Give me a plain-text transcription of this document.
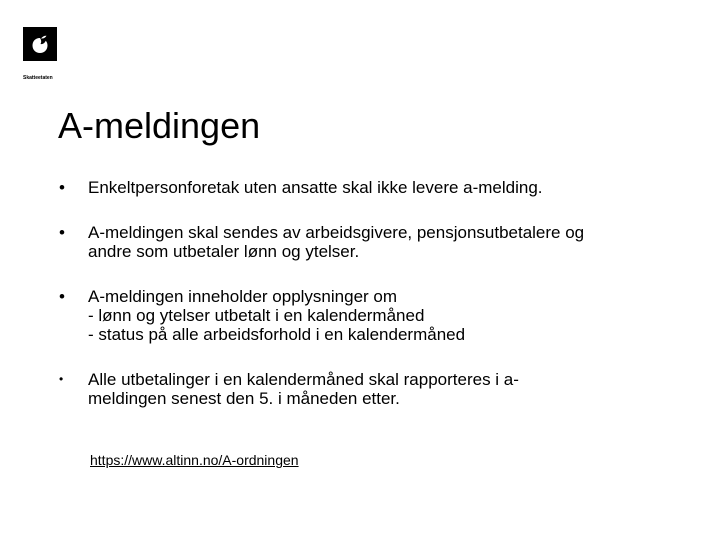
Skatteetaten
A-meldingen
• Enkeltpersonforetak uten ansatte skal ikke levere a-melding.
• A-meldingen skal sendes av arbeidsgivere, pensjonsutbetalere og
andre som utbetaler lønn og ytelser.
• A-meldingen inneholder opplysninger om
- lønn og ytelser utbetalt i en kalendermåned
- status på alle arbeidsforhold i en kalendermåned
• Alle utbetalinger i en kalendermåned skal rapporteres i a-
meldingen senest den 5. i måneden etter.
https://www.altinn.no/A-ordningen
